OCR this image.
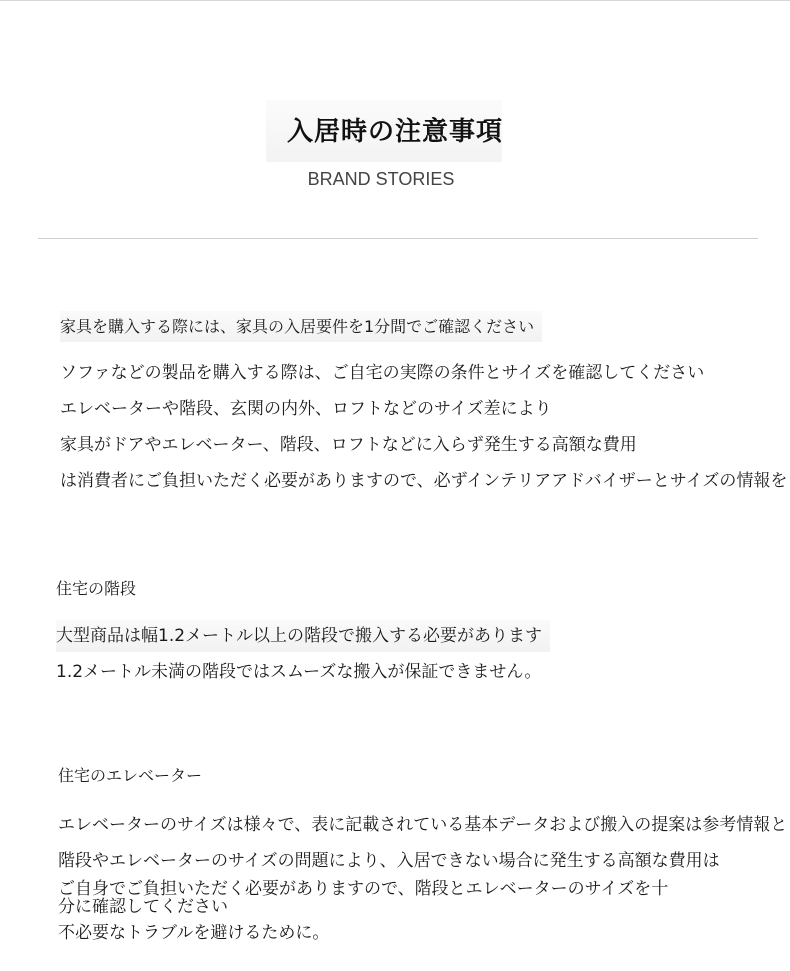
入居時の注意事項
BRAND STORIES
家具を購入する際には、家具の入居要件を1分間でご確認ください
ソファなどの製品を購入する際は、ご自宅の実際の条件とサイズを確認してください
エレベーターや階段、玄関の内外、ロフトなどのサイズ差により
家具がドアやエレベーター、階段、ロフトなどに入らず発生する高額な費用
は消費者にご負担いただく必要がありますので、必ずインテリアアドバイザーとサイズの情報を
住宅の階段
大型商品は幅1.2メートル以上の階段で搬入する必要があります
1.2メートル未満の階段ではスムーズな搬入が保証できません。
住宅のエレベーター
エレベーターのサイズは様々で、表に記載されている基本データおよび搬入の提案は参考情報と
階段やエレベーターのサイズの問題により、入居できない場合に発生する高額な費用は
ご自身でご負担いただく必要がありますので、階段とエレベーターのサイズを十
分に確認してください
不必要なトラブルを避けるために。
